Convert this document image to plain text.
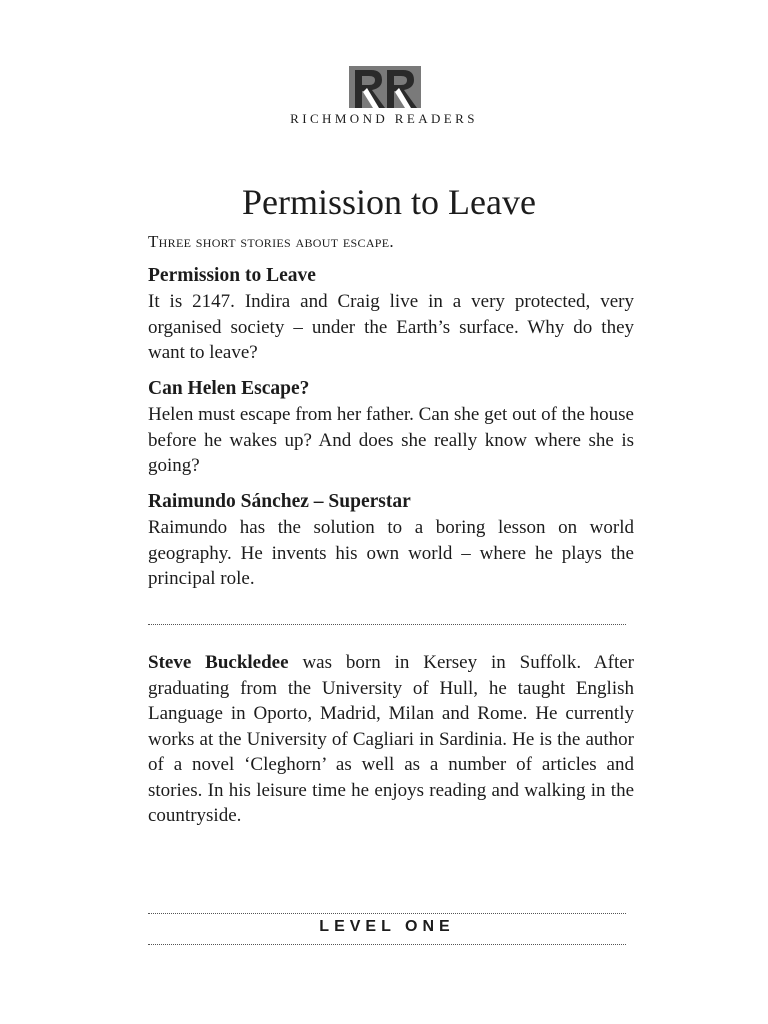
RICHMOND READERS
Permission to Leave
Three short stories about escape.
Permission to Leave

It is 2147. Indira and Craig live in a very protected, very organised society – under the Earth’s surface. Why do they want to leave?

Can Helen Escape?

Helen must escape from her father. Can she get out of the house before he wakes up? And does she really know where she is going?

Raimundo Sánchez – Superstar

Raimundo has the solution to a boring lesson on world geography. He invents his own world – where he plays the principal role.

Steve Buckledee was born in Kersey in Suffolk. After graduating from the University of Hull, he taught English Language in Oporto, Madrid, Milan and Rome. He currently works at the University of Cagliari in Sardinia. He is the author of a novel ‘Cleghorn’ as well as a number of articles and stories. In his leisure time he enjoys reading and walking in the countryside.

LEVEL ONE
